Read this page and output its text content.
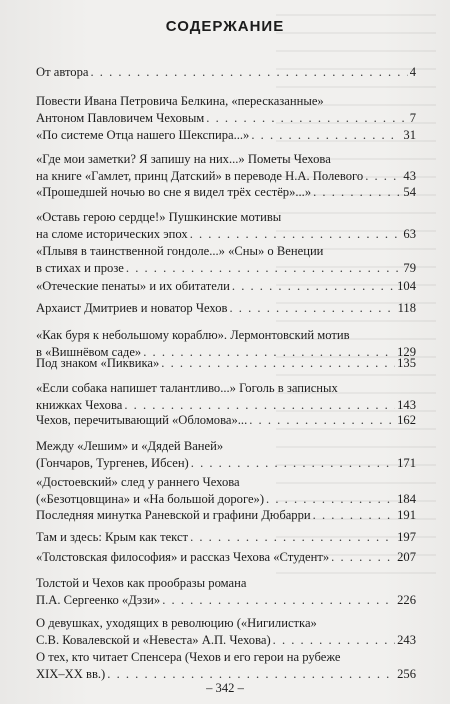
СОДЕРЖАНИЕ
От автора . . .	4
Повести Ивана Петровича Белкина, «пересказанные»
Антоном Павловичем Чеховым . . .	7
«По системе Отца нашего Шекспира...» . . .	31
«Где мои заметки? Я запишу на них...» Пометы Чехова
на книге «Гамлет, принц Датский» в переводе Н.А. Полевого . . .	43
«Прошедшей ночью во сне я видел трёх сестёр»...» . . .	54
«Оставь герою сердце!» Пушкинские мотивы
на сломе исторических эпох . . .	63
«Плывя в таинственной гондоле...» «Сны» о Венеции
в стихах и прозе . . .	79
«Отеческие пенаты» и их обитатели . . .	104
Архаист Дмитриев и новатор Чехов . . .	118
«Как буря к небольшому кораблю». Лермонтовский мотив
в «Вишнёвом саде» . . .	129
Под знаком «Пиквика» . . .	135
«Если собака напишет талантливо...» Гоголь в записных
книжках Чехова . . .	143
Чехов, перечитывающий «Обломова»... . . .	162
Между «Лешим» и «Дядей Ваней»
(Гончаров, Тургенев, Ибсен) . . .	171
«Достоевский» след у раннего Чехова
(«Безотцовщина» и «На большой дороге») . . .	184
Последняя минутка Раневской и графини Дюбарри . . .	191
Там и здесь: Крым как текст . . .	197
«Толстовская философия» и рассказ Чехова «Студент» . . .	207
Толстой и Чехов как прообразы романа
П.А. Сергеенко «Дэзи» . . .	226
О девушках, уходящих в революцию («Нигилистка»
С.В. Ковалевской и «Невеста» А.П. Чехова) . . .	243
О тех, кто читает Спенсера (Чехов и его герои на рубеже
XIX–XX вв.) . . .	256
– 342 –
